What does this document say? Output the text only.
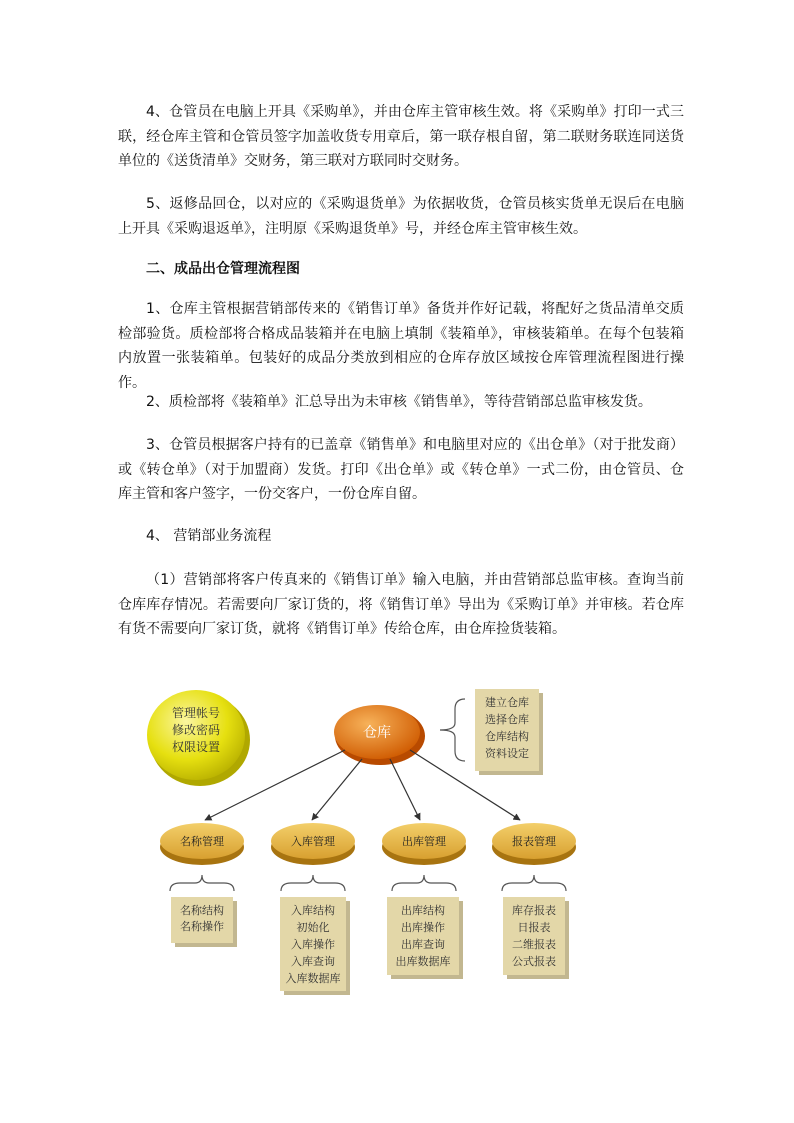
4、仓管员在电脑上开具《采购单》，并由仓库主管审核生效。将《采购单》打印一式三联，经仓库主管和仓管员签字加盖收货专用章后，第一联存根自留，第二联财务联连同送货单位的《送货清单》交财务，第三联对方联同时交财务。

5、返修品回仓，以对应的《采购退货单》为依据收货，仓管员核实货单无误后在电脑上开具《采购退返单》，注明原《采购退货单》号，并经仓库主管审核生效。

二、成品出仓管理流程图

1、仓库主管根据营销部传来的《销售订单》备货并作好记载，将配好之货品清单交质检部验货。质检部将合格成品装箱并在电脑上填制《装箱单》，审核装箱单。在每个包装箱内放置一张装箱单。包装好的成品分类放到相应的仓库存放区域按仓库管理流程图进行操作。

2、质检部将《装箱单》汇总导出为未审核《销售单》，等待营销部总监审核发货。

3、仓管员根据客户持有的已盖章《销售单》和电脑里对应的《出仓单》（对于批发商）或《转仓单》（对于加盟商）发货。打印《出仓单》或《转仓单》一式二份，由仓管员、仓库主管和客户签字，一份交客户，一份仓库自留。

4、 营销部业务流程

（1）营销部将客户传真来的《销售订单》输入电脑，并由营销部总监审核。查询当前仓库库存情况。若需要向厂家订货的，将《销售订单》导出为《采购订单》并审核。若仓库有货不需要向厂家订货，就将《销售订单》传给仓库，由仓库捡货装箱。

管理帐号
修改密码
权限设置
仓库
建立仓库
选择仓库
仓库结构
资料设定
名称管理	入库管理	出库管理	报表管理
名称结构
名称操作
入库结构
初始化
入库操作
入库查询
入库数据库
出库结构
出库操作
出库查询
出库数据库
库存报表
日报表
二维报表
公式报表
